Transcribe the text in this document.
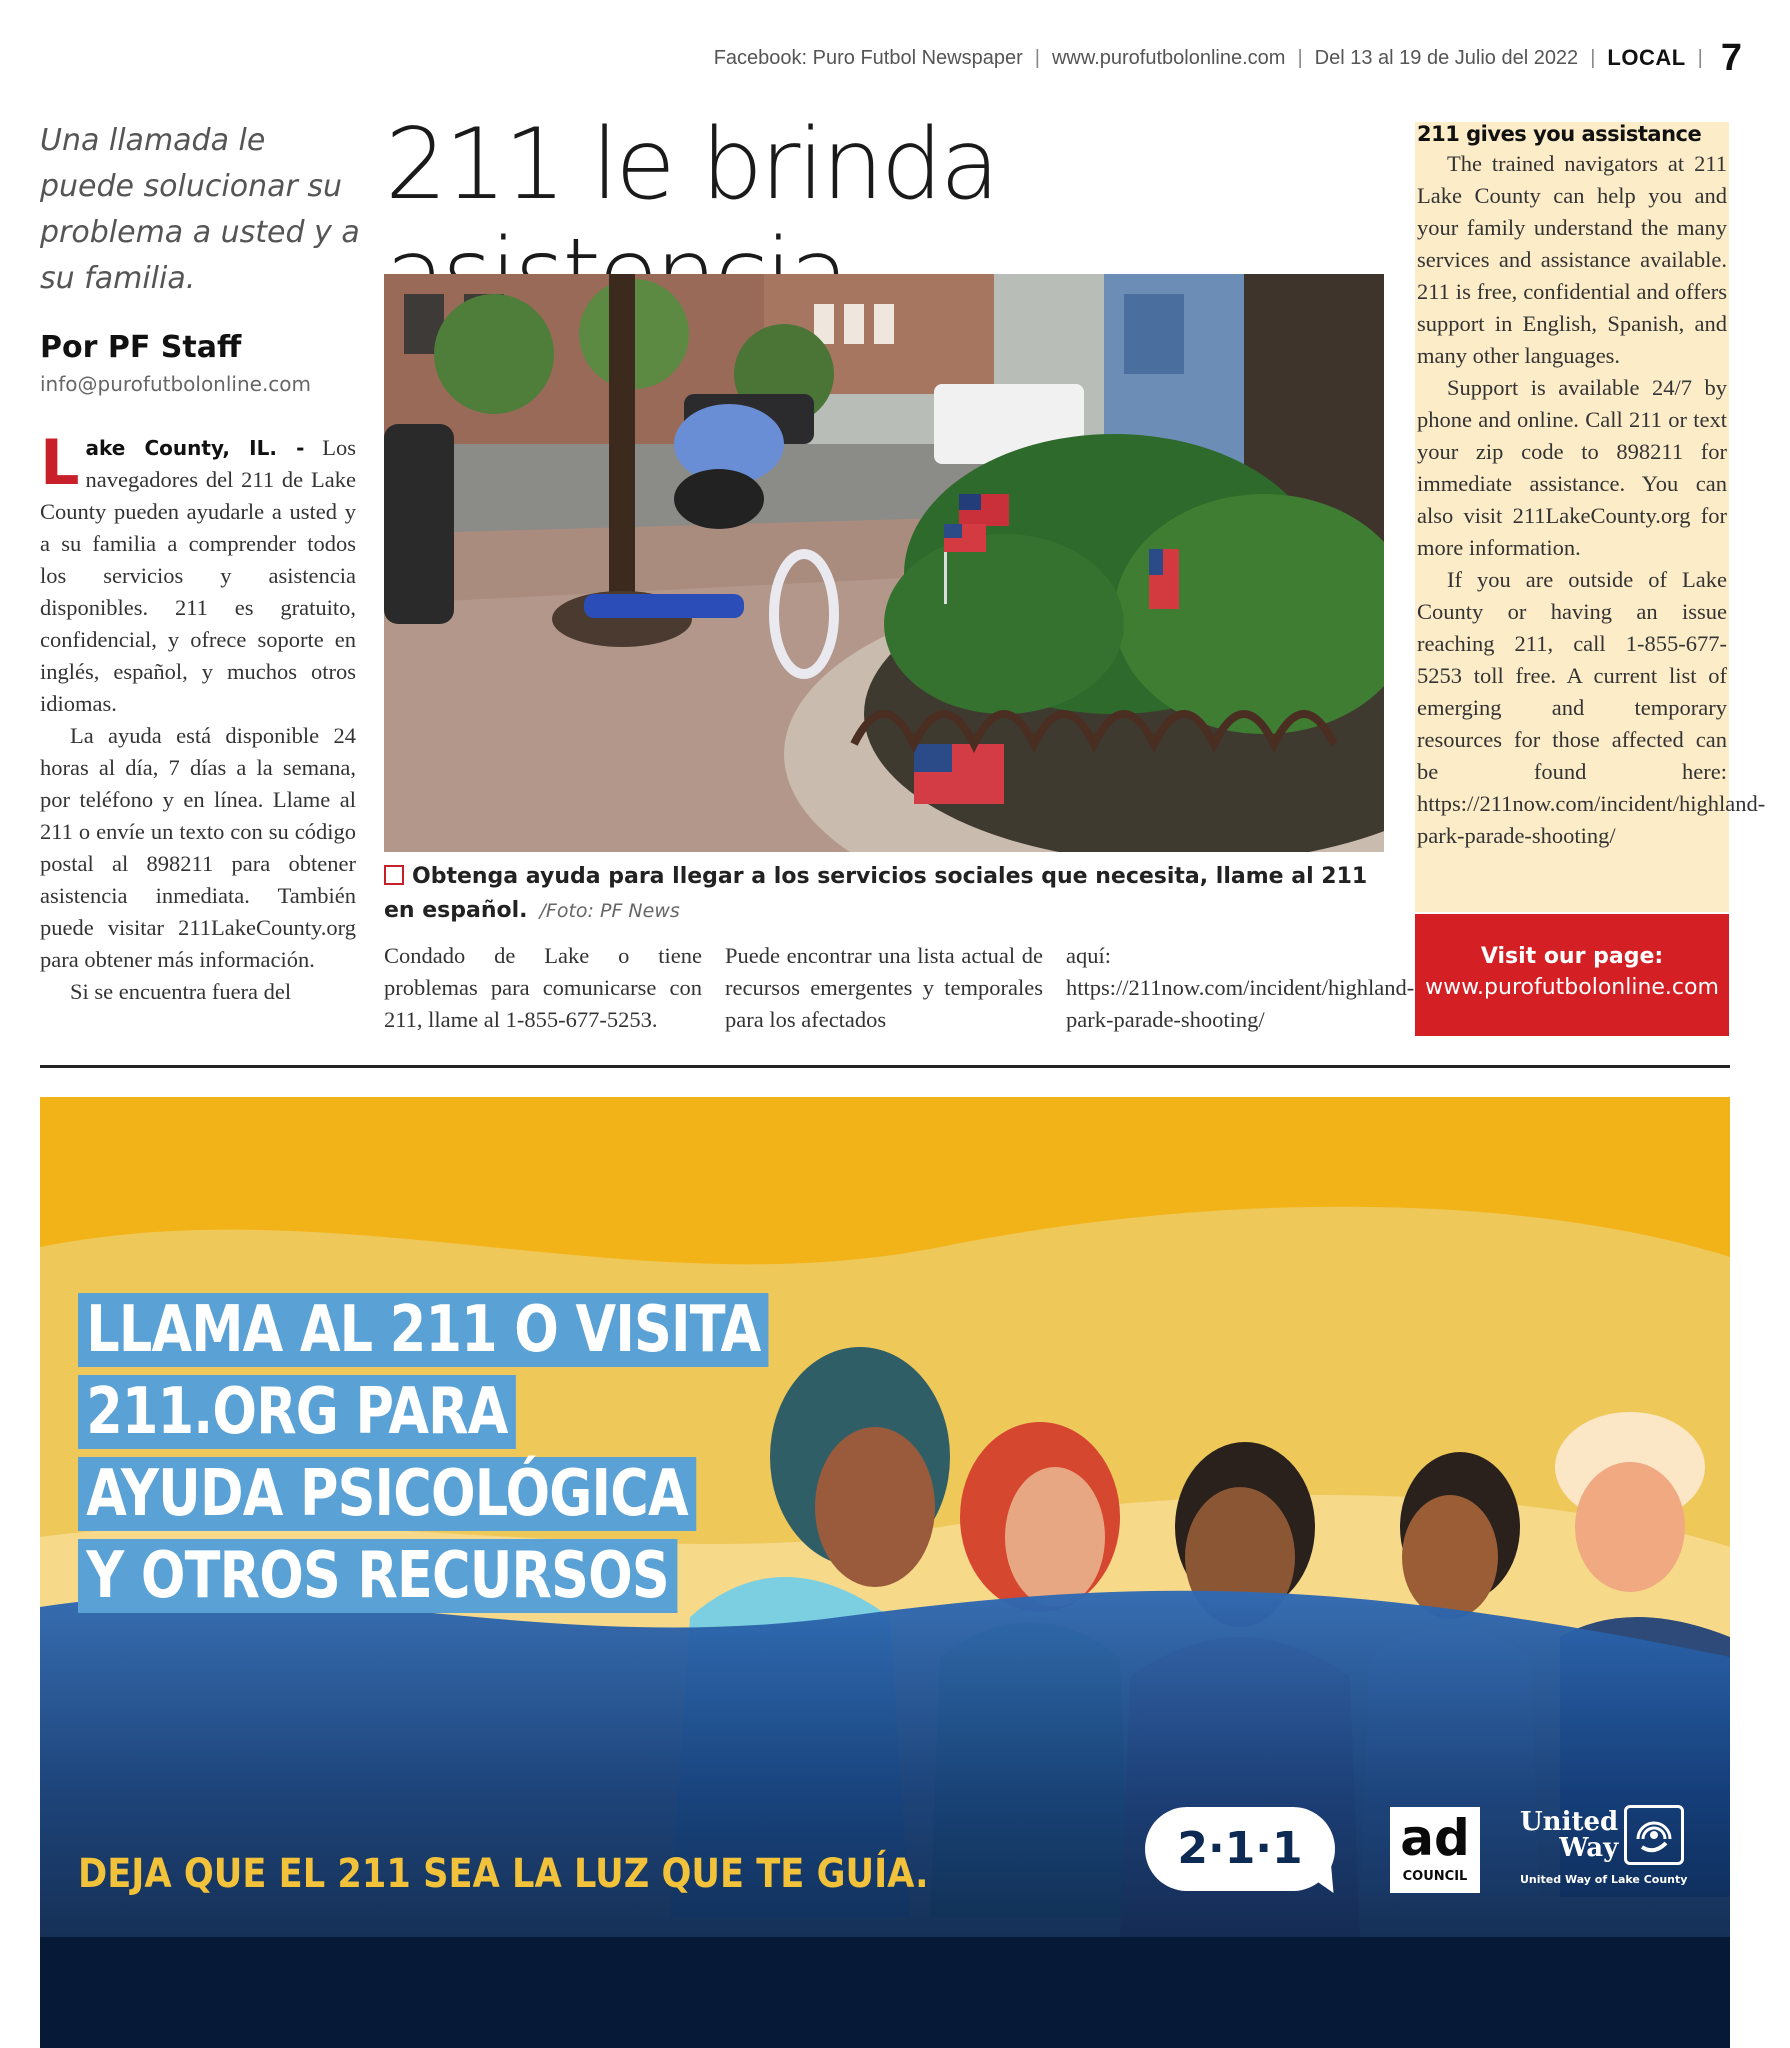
Facebook: Puro Futbol Newspaper | www.purofutbolonline.com | Del 13 al 19 de Julio del 2022 | LOCAL | 7
Una llamada le puede solucionar su problema a usted y a su familia.
Por PF Staff
info@purofutbolonline.com

Lake County, IL. - Los navegadores del 211 de Lake County pueden ayudarle a usted y a su familia a comprender todos los servicios y asistencia disponibles. 211 es gratuito, confidencial, y ofrece soporte en inglés, español, y muchos otros idiomas.

La ayuda está disponible 24 horas al día, 7 días a la semana, por teléfono y en línea. Llame al 211 o envíe un texto con su código postal al 898211 para obtener asistencia inmediata. También puede visitar 211LakeCounty.org para obtener más información.

Si se encuentra fuera del

211 le brinda
Obtenga ayuda para llegar a los servicios sociales que necesita, llame al 211 en español. /Foto: PF News
Condado de Lake o tiene problemas para comunicarse con 211, llame al 1-855-677-5253.
Puede encontrar una lista actual de recursos emergentes y temporales para los afectados
aquí: https://211now.com/incident/highland-park-parade-shooting/
211 gives you assistance

The trained navigators at 211 Lake County can help you and your family understand the many services and assistance available. 211 is free, confidential and offers support in English, Spanish, and many other languages.

Support is available 24/7 by phone and online. Call 211 or text your zip code to 898211 for immediate assistance. You can also visit 211LakeCounty.org for more information.

If you are outside of Lake County or having an issue reaching 211, call 1-855-677-5253 toll free. A current list of emerging and temporary resources for those affected can be found here: https://211now.com/incident/highland-park-parade-shooting/

Visit our page:
www.purofutbolonline.com
LLAMA AL 211 O VISITA
211.ORG PARA
AYUDA PSICOLÓGICA
Y OTROS RECURSOS
DEJA QUE EL 211 SEA LA LUZ QUE TE GUÍA.	2·1·1	ad
COUNCIL
United
Way
United Way of Lake County
